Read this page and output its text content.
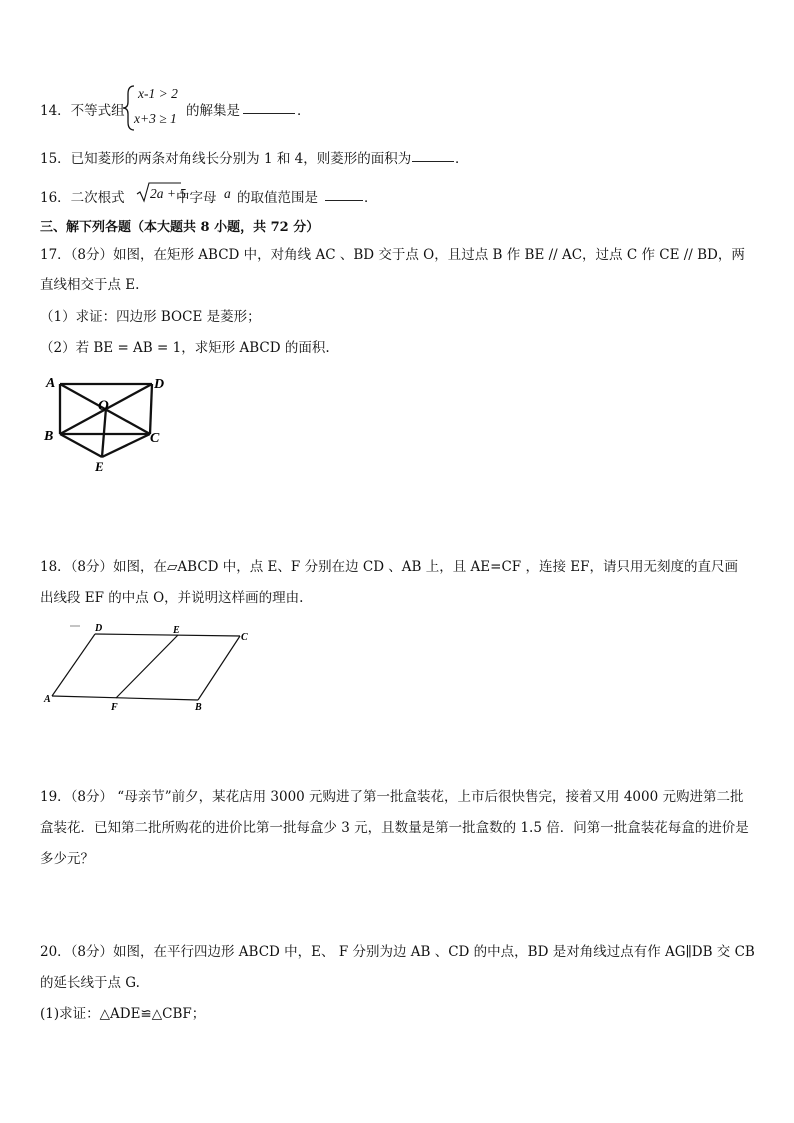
14．不等式组
x-1 > 2
x+3 ≥ 1 的解集是	．
15．已知菱形的两条对角线长分别为 1 和 4，则菱形的面积为	．
16．二次根式 2a + 5
中字母 a 的取值范围是	．
三、解下列各题（本大题共 8 小题，共 72 分）
17．（8分）如图，在矩形 ABCD 中，对角线 AC 、BD 交于点 O，且过点 B 作 BE // AC，过点 C 作 CE // BD，两
直线相交于点 E.
（1）求证：四边形 BOCE 是菱形；
（2）若 BE = AB = 1，求矩形 ABCD 的面积.
A	D
O
B	C
E
18．（8分）如图，在▱ABCD 中，点 E、F 分别在边 CD 、AB 上，且 AE=CF ，连接 EF，请只用无刻度的直尺画
出线段 EF 的中点 O，并说明这样画的理由.
D	E
C
A
F	B
19．（8分） “母亲节”前夕，某花店用 3000 元购进了第一批盒装花，上市后很快售完，接着又用 4000 元购进第二批
盒装花．已知第二批所购花的进价比第一批每盒少 3 元，且数量是第一批盒数的 1.5 倍．问第一批盒装花每盒的进价是
多少元？
20．（8分）如图，在平行四边形 ABCD 中，E、 F 分别为边 AB 、CD 的中点，BD 是对角线过点有作 AG∥DB 交 CB
的延长线于点 G.
(1)求证：△ADE≌△CBF；
